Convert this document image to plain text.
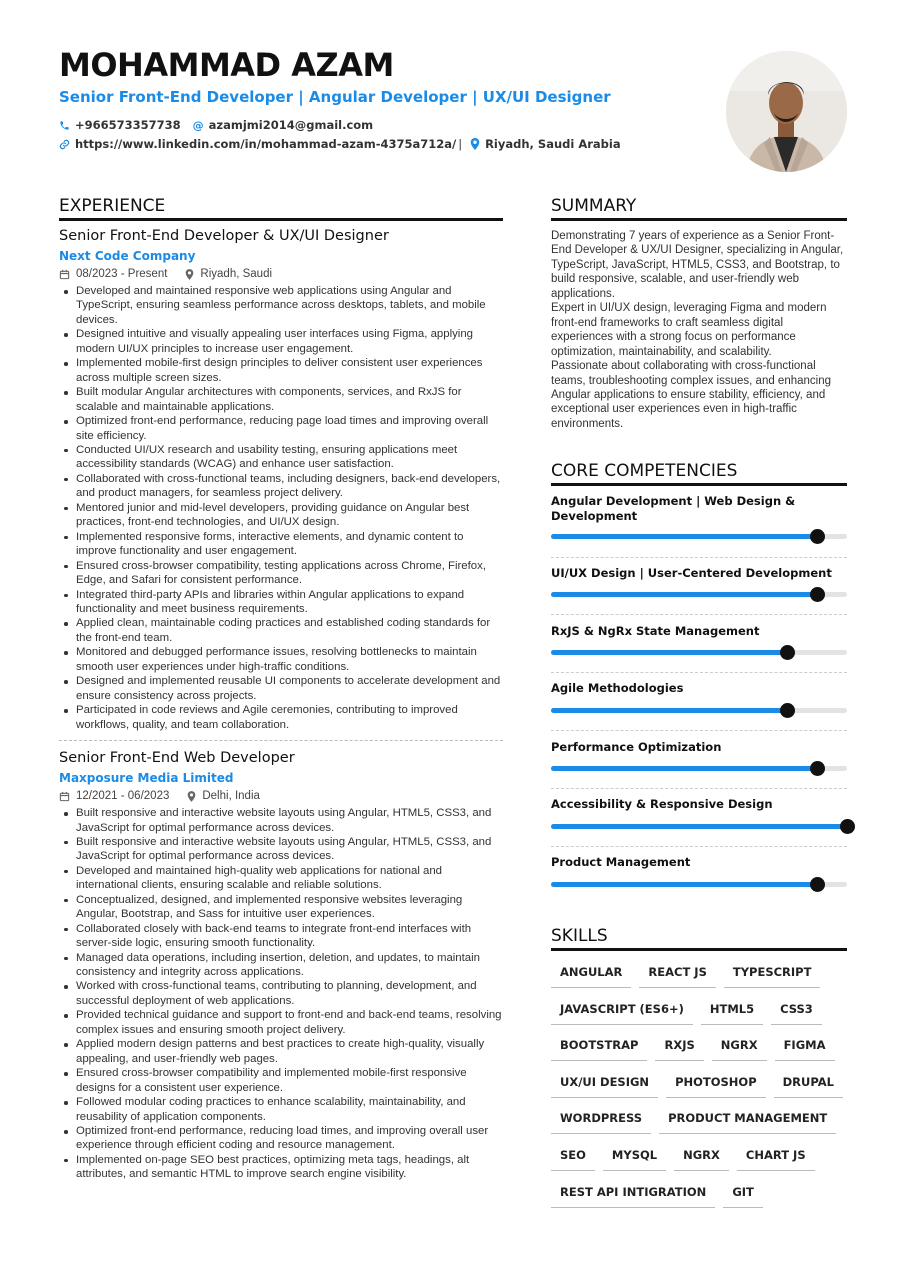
MOHAMMAD AZAM
Senior Front-End Developer | Angular Developer | UX/UI Designer
+966573357738 @ azamjmi2014@gmail.com
https://www.linkedin.com/in/mohammad-azam-4375a712a/ | Riyadh, Saudi Arabia
EXPERIENCE
Senior Front-End Developer & UX/UI Designer
Next Code Company
08/2023 - Present	Riyadh, Saudi
Developed and maintained responsive web applications using Angular and TypeScript, ensuring seamless performance across desktops, tablets, and mobile devices.
Designed intuitive and visually appealing user interfaces using Figma, applying modern UI/UX principles to increase user engagement.
Implemented mobile-first design principles to deliver consistent user experiences across multiple screen sizes.
Built modular Angular architectures with components, services, and RxJS for scalable and maintainable applications.
Optimized front-end performance, reducing page load times and improving overall site efficiency.
Conducted UI/UX research and usability testing, ensuring applications meet accessibility standards (WCAG) and enhance user satisfaction.
Collaborated with cross-functional teams, including designers, back-end developers, and product managers, for seamless project delivery.
Mentored junior and mid-level developers, providing guidance on Angular best practices, front-end technologies, and UI/UX design.
Implemented responsive forms, interactive elements, and dynamic content to improve functionality and user engagement.
Ensured cross-browser compatibility, testing applications across Chrome, Firefox, Edge, and Safari for consistent performance.
Integrated third-party APIs and libraries within Angular applications to expand functionality and meet business requirements.
Applied clean, maintainable coding practices and established coding standards for the front-end team.
Monitored and debugged performance issues, resolving bottlenecks to maintain smooth user experiences under high-traffic conditions.
Designed and implemented reusable UI components to accelerate development and ensure consistency across projects.
Participated in code reviews and Agile ceremonies, contributing to improved workflows, quality, and team collaboration.
Senior Front-End Web Developer
Maxposure Media Limited
12/2021 - 06/2023	Delhi, India
Built responsive and interactive website layouts using Angular, HTML5, CSS3, and JavaScript for optimal performance across devices.
Built responsive and interactive website layouts using Angular, HTML5, CSS3, and JavaScript for optimal performance across devices.
Developed and maintained high-quality web applications for national and international clients, ensuring scalable and reliable solutions.
Conceptualized, designed, and implemented responsive websites leveraging Angular, Bootstrap, and Sass for intuitive user experiences.
Collaborated closely with back-end teams to integrate front-end interfaces with server-side logic, ensuring smooth functionality.
Managed data operations, including insertion, deletion, and updates, to maintain consistency and integrity across applications.
Worked with cross-functional teams, contributing to planning, development, and successful deployment of web applications.
Provided technical guidance and support to front-end and back-end teams, resolving complex issues and ensuring smooth project delivery.
Applied modern design patterns and best practices to create high-quality, visually appealing, and user-friendly web pages.
Ensured cross-browser compatibility and implemented mobile-first responsive designs for a consistent user experience.
Followed modular coding practices to enhance scalability, maintainability, and reusability of application components.
Optimized front-end performance, reducing load times, and improving overall user experience through efficient coding and resource management.
Implemented on-page SEO best practices, optimizing meta tags, headings, alt attributes, and semantic HTML to improve search engine visibility.
SUMMARY

Demonstrating 7 years of experience as a Senior Front-End Developer & UX/UI Designer, specializing in Angular, TypeScript, JavaScript, HTML5, CSS3, and Bootstrap, to build responsive, scalable, and user-friendly web applications.

Expert in UI/UX design, leveraging Figma and modern front-end frameworks to craft seamless digital experiences with a strong focus on performance optimization, maintainability, and scalability.

Passionate about collaborating with cross-functional teams, troubleshooting complex issues, and enhancing Angular applications to ensure stability, efficiency, and exceptional user experiences even in high-traffic environments.

CORE COMPETENCIES
Angular Development | Web Design & Development
UI/UX Design | User-Centered Development
RxJS & NgRx State Management
Agile Methodologies
Performance Optimization
Accessibility & Responsive Design
Product Management
SKILLS
ANGULAR	REACT JS	TYPESCRIPT
JAVASCRIPT (ES6+)	HTML5	CSS3
BOOTSTRAP	RXJS	NGRX	FIGMA
UX/UI DESIGN	PHOTOSHOP	DRUPAL
WORDPRESS	PRODUCT MANAGEMENT
SEO	MYSQL	NGRX	CHART JS
REST API INTIGRATION	GIT
